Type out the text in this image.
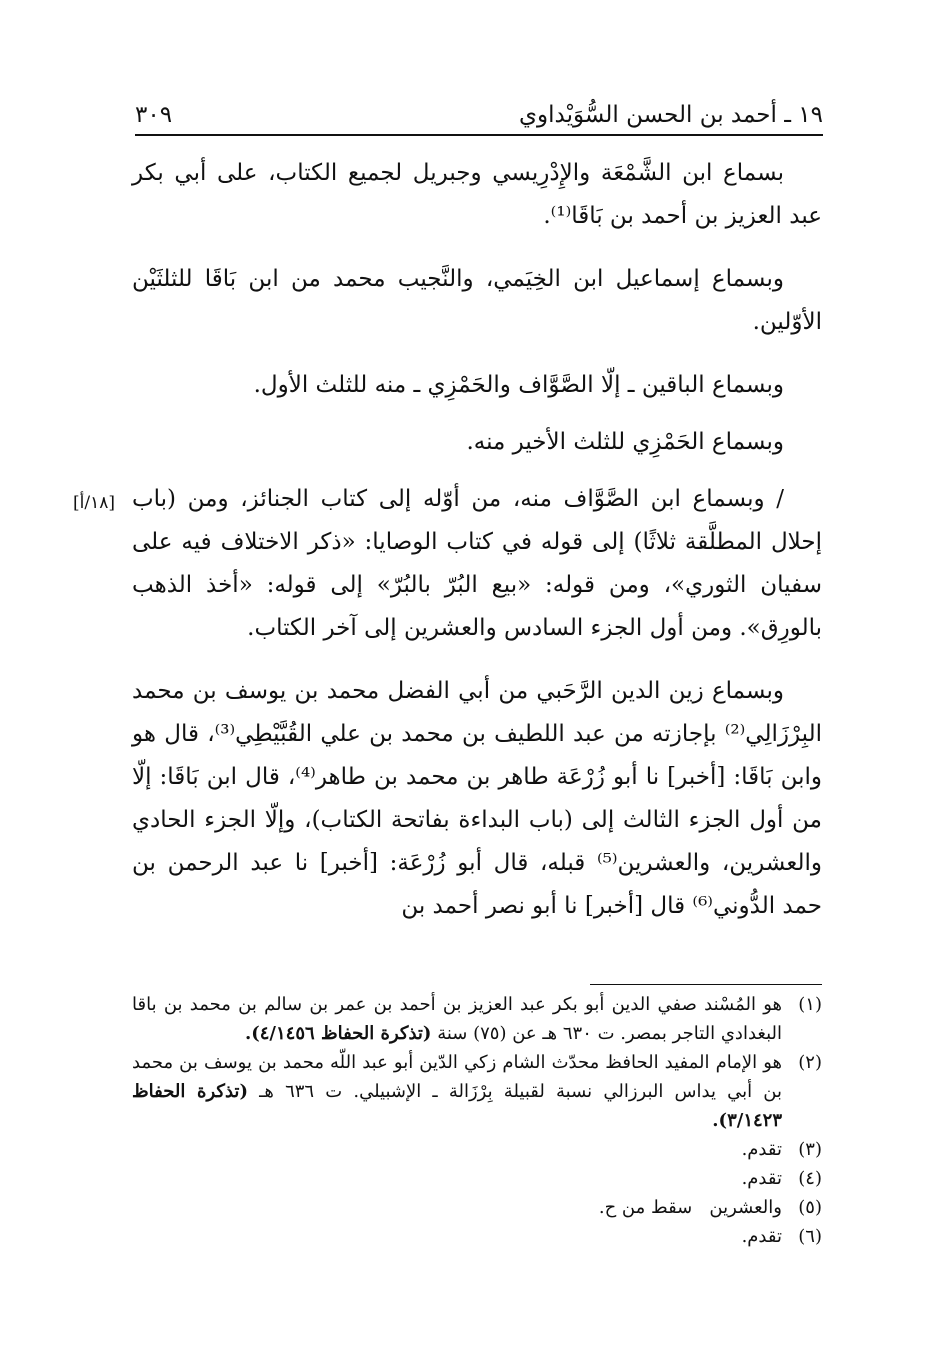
١٩ ـ أحمد بن الحسن السُّوَيْداوي
٣٠٩
[١٨/أ]

بسماع ابن الشَّمْعَة والإِدْرِيسي وجبريل لجميع الكتاب، على أبي بكر عبد العزيز بن أحمد بن بَاقَا⁽¹⁾.

وبسماع إسماعيل ابن الخِيَمي، والنَّجيب محمد من ابن بَاقَا للثلثَيْن الأوّلين.

وبسماع الباقين ـ إلّا الصَّوَّاف والحَمْزِي ـ منه للثلث الأول.

وبسماع الحَمْزِي للثلث الأخير منه.

/ وبسماع ابن الصَّوَّاف منه، من أوّله إلى كتاب الجنائز، ومن (باب إحلال المطلَّقة ثلاثًا) إلى قوله في كتاب الوصايا: «ذكر الاختلاف فيه على سفيان الثوري»، ومن قوله: «بيع البُرّ بالبُرّ» إلى قوله: «أخذ الذهب بالورِق». ومن أول الجزء السادس والعشرين إلى آخر الكتاب.

وبسماع زين الدين الرَّحَبي من أبي الفضل محمد بن يوسف بن محمد البِرْزَالِي⁽²⁾ بإجازته من عبد اللطيف بن محمد بن علي القُبَّيْطِي⁽³⁾، قال هو وابن بَاقَا: [أخبر] نا أبو زُرْعَة طاهر بن محمد بن طاهر⁽⁴⁾، قال ابن بَاقَا: إلّا من أول الجزء الثالث إلى (باب البداءة بفاتحة الكتاب)، وإلّا الجزء الحادي والعشرين، والعشرين⁽⁵⁾ قبله، قال أبو زُرْعَة: [أخبر] نا عبد الرحمن بن حمد الدُّوني⁽⁶⁾ قال [أخبر] نا أبو نصر أحمد بن

(١)
هو المُسْند صفي الدين أبو بكر عبد العزيز بن أحمد بن عمر بن سالم بن محمد بن باقا البغدادي التاجر بمصر. ت ٦٣٠ هـ عن (٧٥) سنة (تذكرة الحفاظ ٤/١٤٥٦).
(٢)
هو الإمام المفيد الحافظ محدّث الشام زكي الدّين أبو عبد اللّه محمد بن يوسف بن محمد بن أبي يداس البرزالي نسبة لقبيلة بِرْزَالة ـ الإشبيلي. ت ٦٣٦ هـ (تذكرة الحفاظ ٣/١٤٢٣).
(٣)
تقدم.
(٤)
تقدم.
(٥)
والعشرين   سقط من ح.
(٦)
تقدم.
